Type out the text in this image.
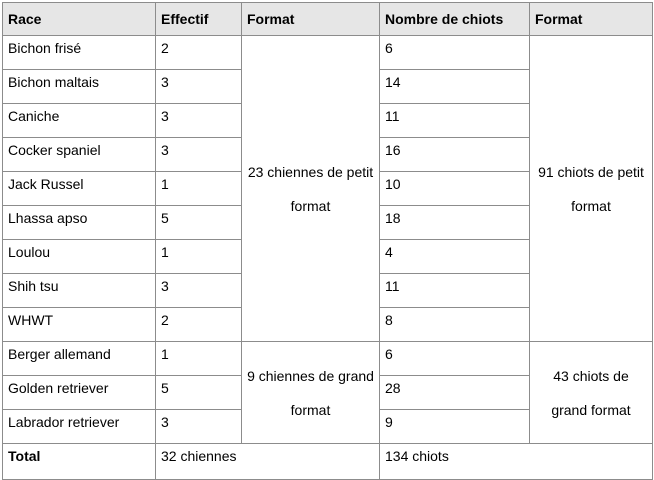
Race	Effectif	Format	Nombre de chiots	Format
Bichon frisé	2	23 chiennes de petit format	6	91 chiots de petit format
Bichon maltais	3		14	
Caniche	3		11	
Cocker spaniel	3		16	
Jack Russel	1		10	
Lhassa apso	5		18	
Loulou	1		4	
Shih tsu	3		11	
WHWT	2		8	
Berger allemand	1	9 chiennes de grand format	6	43 chiots de grand format
Golden retriever	5		28	
Labrador retriever	3		9	
Total	32 chiennes		134 chiots	
